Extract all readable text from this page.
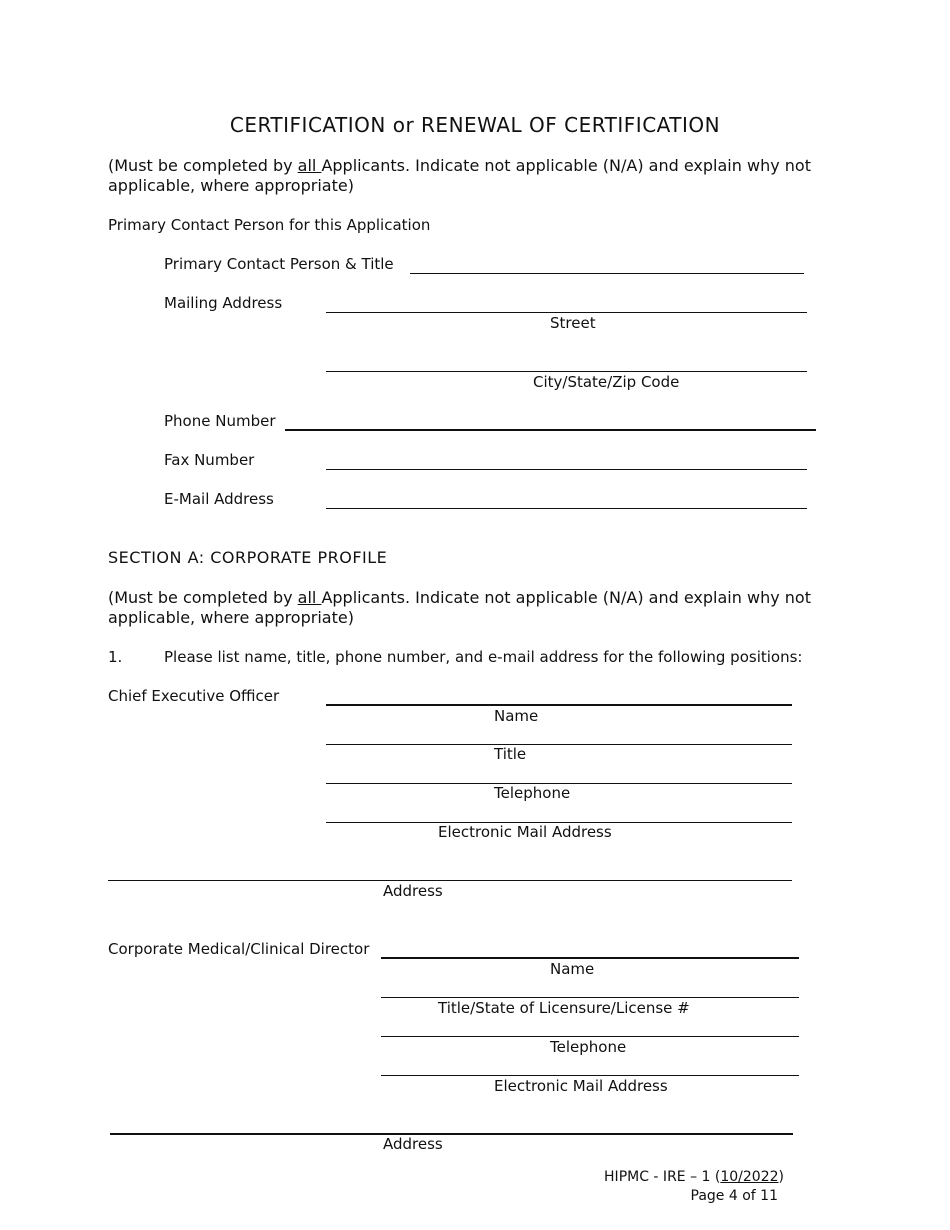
CERTIFICATION or RENEWAL OF CERTIFICATION
(Must be completed by all Applicants. Indicate not applicable (N/A) and explain why not applicable, where appropriate)
Primary Contact Person for this Application
Primary Contact Person & Title
Mailing Address
Street
City/State/Zip Code
Phone Number
Fax Number
E-Mail Address
SECTION A: CORPORATE PROFILE
(Must be completed by all Applicants. Indicate not applicable (N/A) and explain why not applicable, where appropriate)
1.	Please list name, title, phone number, and e-mail address for the following positions:
Chief Executive Officer
Name
Title
Telephone
Electronic Mail Address
Address
Corporate Medical/Clinical Director
Name
Title/State of Licensure/License #
Telephone
Electronic Mail Address
Address
HIPMC - IRE – 1 (10/2022)
Page 4 of 11
